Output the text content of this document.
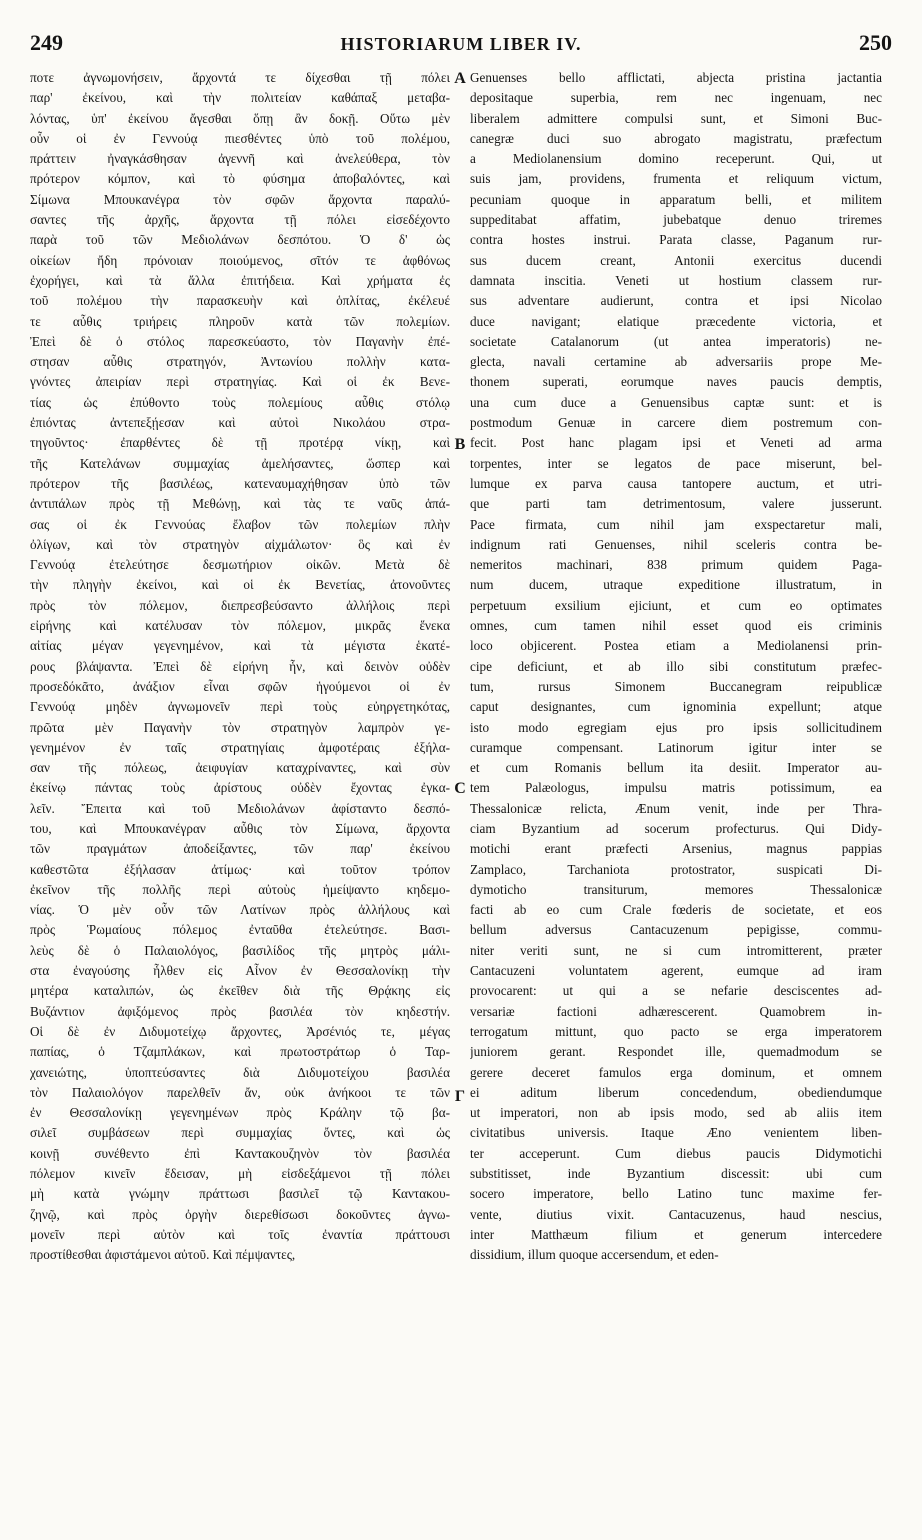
249	HISTORIARUM LIBER IV.	250
ποτε ἀγνωμονήσειν, ἄρχοντά τε δίχεσθαι τῇ πόλει
παρ' ἐκείνου, καὶ τὴν πολιτείαν καθάπαξ μεταβα-
λόντας, ὑπ' ἐκείνου ἄγεσθαι ὅπῃ ἂν δοκῇ. Οὕτω μὲν
οὖν οἱ ἐν Γεννούᾳ πιεσθέντες ὑπὸ τοῦ πολέμου,
πράττειν ἠναγκάσθησαν ἀγεννῆ καὶ ἀνελεύθερα, τὸν
πρότερον κόμπον, καὶ τὸ φύσημα ἀποβαλόντες, καὶ
Σίμωνα Μπουκανέγρα τὸν σφῶν ἄρχοντα παραλύ-
σαντες τῆς ἀρχῆς, ἄρχοντα τῇ πόλει εἰσεδέχοντο
παρὰ τοῦ τῶν Μεδιολάνων δεσπότου. Ὁ δ' ὡς
οἰκείων ἤδη πρόνοιαν ποιούμενος, σῖτόν τε ἀφθόνως
ἐχορήγει, καὶ τὰ ἄλλα ἐπιτήδεια. Καὶ χρήματα ἐς
τοῦ πολέμου τὴν παρασκευὴν καὶ ὁπλίτας, ἐκέλευέ
τε αὖθις τριήρεις πληροῦν κατὰ τῶν πολεμίων.
Ἐπεὶ δὲ ὁ στόλος παρεσκεύαστο, τὸν Παγανὴν ἐπέ-
στησαν αὖθις στρατηγόν, Ἀντωνίου πολλὴν κατα-
γνόντες ἀπειρίαν περὶ στρατηγίας. Καὶ οἱ ἐκ Βενε-
τίας ὡς ἐπύθοντο τοὺς πολεμίους αὖθις στόλῳ
ἐπιόντας ἀντεπεξῄεσαν καὶ αὐτοὶ Νικολάου στρα-
τηγοῦντος· ἐπαρθέντες δὲ τῇ προτέρᾳ νίκῃ, καὶ
τῆς Κατελάνων συμμαχίας ἀμελήσαντες, ὥσπερ καὶ
πρότερον τῆς βασιλέως, κατεναυμαχήθησαν ὑπὸ τῶν
ἀντιπάλων πρὸς τῇ Μεθώνῃ, καὶ τὰς τε ναῦς ἁπά-
σας οἱ ἐκ Γεννούας ἔλαβον τῶν πολεμίων πλὴν
ὀλίγων, καὶ τὸν στρατηγὸν αἰχμάλωτον· ὃς καὶ ἐν
Γεννούᾳ ἐτελεύτησε δεσμωτήριον οἰκῶν. Μετὰ δὲ
τὴν πληγὴν ἐκείνοι, καὶ οἱ ἐκ Βενετίας, ἀτονοῦντες
πρὸς τὸν πόλεμον, διεπρεσβεύσαντο ἀλλήλοις περὶ
εἰρήνης καὶ κατέλυσαν τὸν πόλεμον, μικρᾶς ἕνεκα
αἰτίας μέγαν γεγενημένον, καὶ τὰ μέγιστα ἑκατέ-
ρους βλάψαντα. Ἐπεὶ δὲ εἰρήνη ἦν, καὶ δεινὸν οὐδὲν
προσεδόκᾶτο, ἀνάξιον εἶναι σφῶν ἡγούμενοι οἱ ἐν
Γεννούᾳ μηδὲν ἀγνωμονεῖν περὶ τοὺς εὐηργετηκότας,
πρῶτα μὲν Παγανὴν τὸν στρατηγὸν λαμπρὸν γε-
γενημένον ἐν ταῖς στρατηγίαις ἀμφοτέραις ἐξήλα-
σαν τῆς πόλεως, ἀειφυγίαν καταχρίναντες, καὶ σὺν
ἐκείνῳ πάντας τοὺς ἀρίστους οὐδὲν ἔχοντας ἐγκα-
λεῖν. Ἔπειτα καὶ τοῦ Μεδιολάνων ἀφίσταντο δεσπό-
του, καὶ Μπουκανέγραν αὖθις τὸν Σίμωνα, ἄρχοντα
τῶν πραγμάτων ἀποδείξαντες, τῶν παρ' ἐκείνου
καθεστῶτα ἐξήλασαν ἀτίμως· καὶ τοῦτον τρόπον
ἐκεῖνον τῆς πολλῆς περὶ αὐτοὺς ἠμείψαντο κηδεμο-
νίας. Ὁ μὲν οὖν τῶν Λατίνων πρὸς ἀλλήλους καὶ
πρὸς Ῥωμαίους πόλεμος ἐνταῦθα ἐτελεύτησε. Βασι-
λεὺς δὲ ὁ Παλαιολόγος, βασιλίδος τῆς μητρὸς μάλι-
στα ἐναγούσης ἦλθεν εἰς Αἶνον ἐν Θεσσαλονίκῃ τὴν
μητέρα καταλιπών, ὡς ἐκεῖθεν διὰ τῆς Θρᾴκης εἰς
Βυζάντιον ἀφιξόμενος πρὸς βασιλέα τὸν κηδεστήν.
Οἱ δὲ ἐν Διδυμοτείχῳ ἄρχοντες, Ἀρσένιός τε, μέγας
παπίας, ὁ Τζαμπλάκων, καὶ πρωτοστράτωρ ὁ Ταρ-
χανειώτης, ὑποπτεύσαντες διὰ Διδυμοτείχου βασιλέα
τὸν Παλαιολόγον παρελθεῖν ἄν, οὐκ ἀνήκοοι τε τῶν
ἐν Θεσσαλονίκῃ γεγενημένων πρὸς Κράλην τῷ βα-
σιλεῖ συμβάσεων περὶ συμμαχίας ὄντες, καὶ ὡς
κοινῇ συνέθεντο ἐπὶ Καντακουζηνὸν τὸν βασιλέα
πόλεμον κινεῖν ἔδεισαν, μὴ εἰσδεξάμενοι τῇ πόλει
μὴ κατὰ γνώμην πράττωσι βασιλεῖ τῷ Καντακου-
ζηνῷ, καὶ πρὸς ὀργὴν διερεθίσωσι δοκοῦντες ἀγνω-
μονεῖν περὶ αὐτὸν καὶ τοῖς ἐναντία πράττουσι
προστίθεσθαι ἀφιστάμενοι αὐτοῦ. Καὶ πέμψαντες,
Genuenses bello afflictati, abjecta pristina jactantia
depositaque superbia, rem nec ingenuam, nec
liberalem admittere compulsi sunt, et Simoni Buc-
canegræ duci suo abrogato magistratu, præfectum
a Mediolanensium domino receperunt. Qui, ut
suis jam, providens, frumenta et reliquum victum,
pecuniam quoque in apparatum belli, et militem
suppeditabat affatim, jubebatque denuo triremes
contra hostes instrui. Parata classe, Paganum rur-
sus ducem creant, Antonii exercitus ducendi
damnata inscitia. Veneti ut hostium classem rur-
sus adventare audierunt, contra et ipsi Nicolao
duce navigant; elatique præcedente victoria, et
societate Catalanorum (ut antea imperatoris) ne-
glecta, navali certamine ab adversariis prope Me-
thonem superati, eorumque naves paucis demptis,
una cum duce a Genuensibus captæ sunt: et is
postmodum Genuæ in carcere diem postremum con-
fecit. Post hanc plagam ipsi et Veneti ad arma
torpentes, inter se legatos de pace miserunt, bel-
lumque ex parva causa tantopere auctum, et utri-
que parti tam detrimentosum, valere jusserunt.
Pace firmata, cum nihil jam exspectaretur mali,
indignum rati Genuenses, nihil sceleris contra be-
nemeritos machinari, 838 primum quidem Paga-
num ducem, utraque expeditione illustratum, in
perpetuum exsilium ejiciunt, et cum eo optimates
omnes, cum tamen nihil esset quod eis criminis
loco objicerent. Postea etiam a Mediolanensi prin-
cipe deficiunt, et ab illo sibi constitutum præfec-
tum, rursus Simonem Buccanegram reipublicæ
caput designantes, cum ignominia expellunt; atque
isto modo egregiam ejus pro ipsis sollicitudinem
curamque compensant. Latinorum igitur inter se
et cum Romanis bellum ita desiit. Imperator au-
tem Palæologus, impulsu matris potissimum, ea
Thessalonicæ relicta, Ænum venit, inde per Thra-
ciam Byzantium ad socerum profecturus. Qui Didy-
motichi erant præfecti Arsenius, magnus pappias
Zamplaco, Tarchaniota protostrator, suspicati Di-
dymoticho transiturum, memores Thessalonicæ
facti ab eo cum Crale fœderis de societate, et eos
bellum adversus Cantacuzenum pepigisse, commu-
niter veriti sunt, ne si cum intromitterent, præter
Cantacuzeni voluntatem agerent, eumque ad iram
provocarent: ut qui a se nefarie desciscentes ad-
versariæ factioni adhærescerent. Quamobrem in-
terrogatum mittunt, quo pacto se erga imperatorem
juniorem gerant. Respondet ille, quemadmodum se
gerere deceret famulos erga dominum, et omnem
ei aditum liberum concedendum, obediendumque
ut imperatori, non ab ipsis modo, sed ab aliis item
civitatibus universis. Itaque Æno venientem liben-
ter acceperunt. Cum diebus paucis Didymotichi
substitisset, inde Byzantium discessit: ubi cum
socero imperatore, bello Latino tunc maxime fer-
vente, diutius vixit. Cantacuzenus, haud nescius,
inter Matthæum filium et generum intercedere
dissidium, illum quoque accersendum, et eden-
A
B
C
Γ
